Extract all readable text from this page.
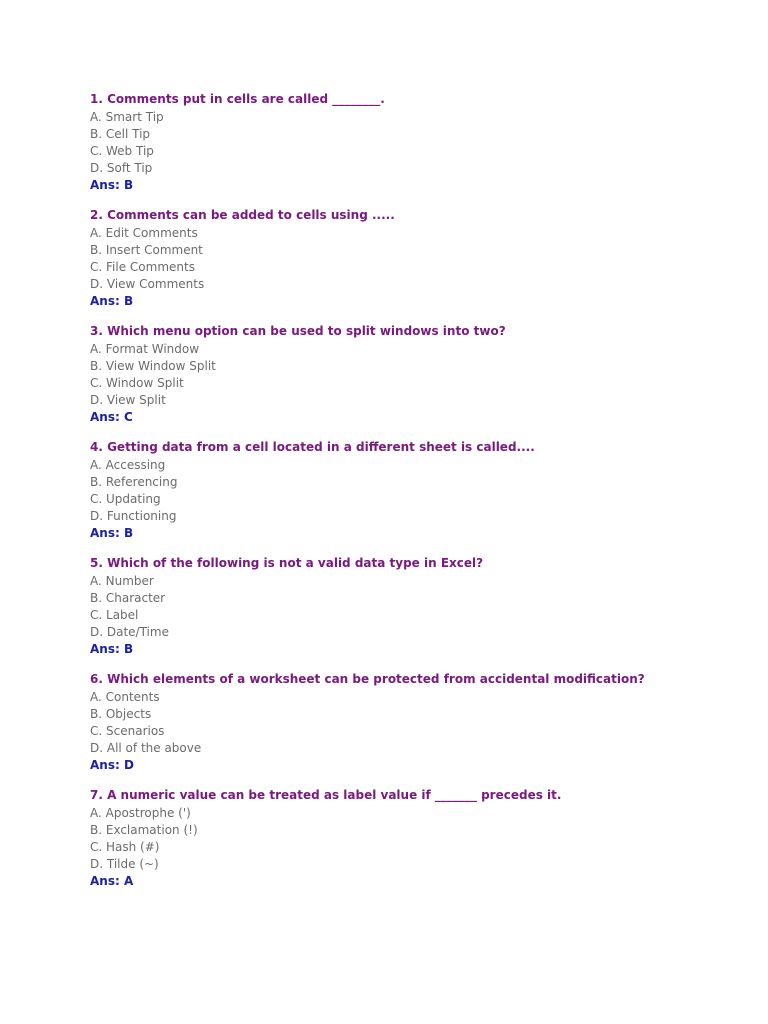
1. Comments put in cells are called ________.
A. Smart Tip
B. Cell Tip
C. Web Tip
D. Soft Tip
Ans: B
2. Comments can be added to cells using .....
A. Edit Comments
B. Insert Comment
C. File Comments
D. View Comments
Ans: B
3. Which menu option can be used to split windows into two?
A. Format Window
B. View Window Split
C. Window Split
D. View Split
Ans: C
4. Getting data from a cell located in a different sheet is called....
A. Accessing
B. Referencing
C. Updating
D. Functioning
Ans: B
5. Which of the following is not a valid data type in Excel?
A. Number
B. Character
C. Label
D. Date/Time
Ans: B
6. Which elements of a worksheet can be protected from accidental modification?
A. Contents
B. Objects
C. Scenarios
D. All of the above
Ans: D
7. A numeric value can be treated as label value if _______ precedes it.
A. Apostrophe (')
B. Exclamation (!)
C. Hash (#)
D. Tilde (~)
Ans: A
